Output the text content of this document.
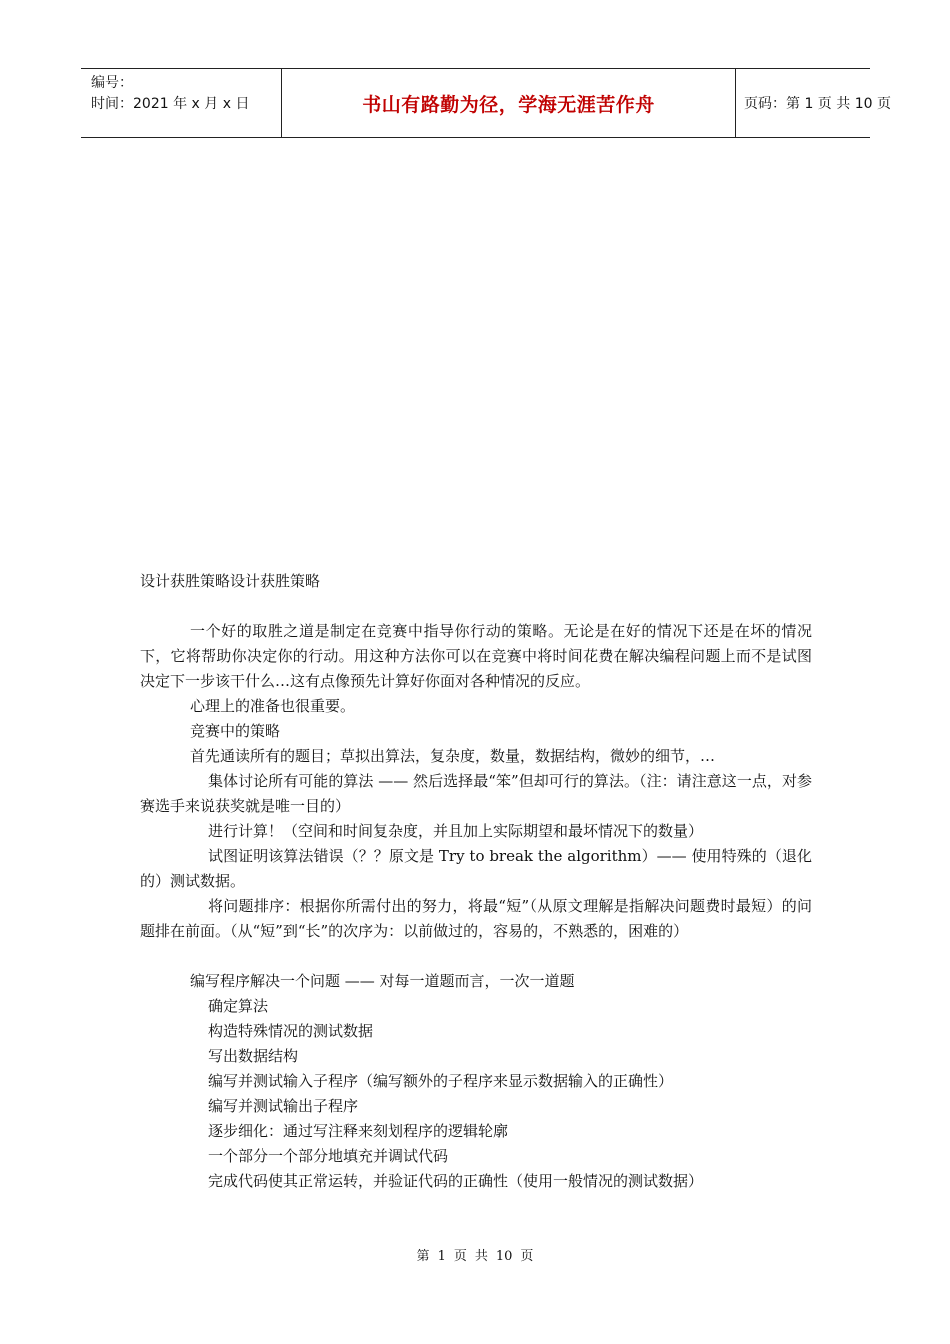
编号：
时间：2021 年 x 月 x 日	书山有路勤为径，学海无涯苦作舟	页码：第 1 页 共 10 页

设计获胜策略设计获胜策略

一个好的取胜之道是制定在竞赛中指导你行动的策略。无论是在好的情况下还是在坏的情况下，它将帮助你决定你的行动。用这种方法你可以在竞赛中将时间花费在解决编程问题上而不是试图决定下一步该干什么…这有点像预先计算好你面对各种情况的反应。

心理上的准备也很重要。

竞赛中的策略

首先通读所有的题目；草拟出算法，复杂度，数量，数据结构，微妙的细节，…

集体讨论所有可能的算法 —— 然后选择最“笨”但却可行的算法。（注：请注意这一点，对参赛选手来说获奖就是唯一目的）

进行计算！（空间和时间复杂度，并且加上实际期望和最坏情况下的数量）

试图证明该算法错误（？？原文是 Try to break the algorithm）—— 使用特殊的（退化的）测试数据。

将问题排序：根据你所需付出的努力，将最“短”（从原文理解是指解决问题费时最短）的问题排在前面。（从“短”到“长”的次序为：以前做过的，容易的，不熟悉的，困难的）

编写程序解决一个问题 —— 对每一道题而言，一次一道题

确定算法

构造特殊情况的测试数据

写出数据结构

编写并测试输入子程序（编写额外的子程序来显示数据输入的正确性）

编写并测试输出子程序

逐步细化：通过写注释来刻划程序的逻辑轮廓

一个部分一个部分地填充并调试代码

完成代码使其正常运转，并验证代码的正确性（使用一般情况的测试数据）

第 1 页 共 10 页
